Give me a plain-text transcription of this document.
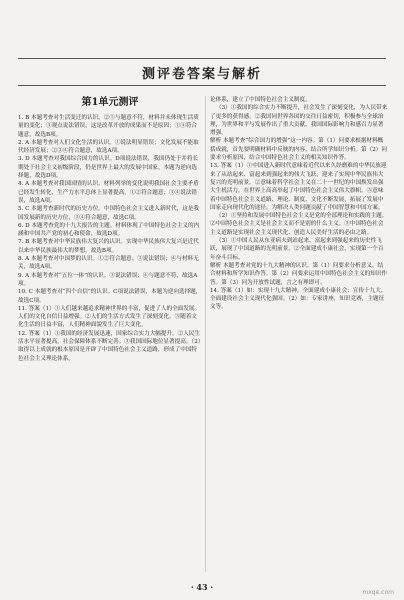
测评卷答案与解析
第1单元测评

1. B 本题考查对生活变迁的认识。②⑤与题意不符，材料并未体现生活质量的变化；③观点说法错误，这是改革开放的成果而不是原因；①④符合题意，故选B项。

2. A 本题考查对人们文化生活的认识。①说法明显错误；文化发展不能取代经济发展；②③④符合题意，故选A项。

3. D 本题考查对我国综合国力的认识。D项说法错误，我国仍处于并将长期处于社会主义初级阶段，仍是世界上最大的发展中国家。本题为逆向选择题，故选D项。

4. A 本题考查对我国国情的认识。材料列举的变化说明我国社会主要矛盾已经发生转化，生产力水平总体上显著提高，①②符合题意；③④说法错误，故选A项。

5. C 本题考查新时代的历史方位。中国特色社会主义进入新时代，这是我国发展新的历史方位，③④符合题意，故选C项。

6. D 本题考查党的十九大报告的主题。材料体现了中国特色社会主义的内涵和中国共产党的初心和使命，故选D项。

7. B 本题考查对中华民族伟大复兴的认识。实现中华民族伟大复兴是近代以来中华民族最伟大的梦想，故选B项。

8. A 本题考查对中国梦的认识。①②符合题意；③说法错误；④与材料无关，故选A项。

9. A 本题考查对“五位一体”的认识。③说法错误；④与题意不符，故选A项。

10. C 本题考查对“四个自信”的认识。C项说法错误，本题为逆向选择题，故选C项。

11. 答案（1）①人们越来越追求精神世界的丰富，促进了人的全面发展。人们的文化自信日益增强。②人们的生活方式发生了深刻变化。③随着文化生活的日益丰富，人们精神面貌发生了巨大变化。

12. 答案（1）①我国的经济发展迅速，国家综合实力大幅提升。②人民生活水平显著提高，社会保障体系不断完善。③我国国际地位显著提高。（2）取得以上成就的根本原因是开辟了中国特色社会主义道路，形成了中国特色社会主义理论体系。

论体系，建立了中国特色社会主义制度。

（3）①我国的综合实力不断提升，社会发生了深刻变化，为人民带来了更多的获得感。②我国同世界各国的交往日益密切，积极参与全球治理，为世界和平与发展作出了重大贡献，我国国际影响力和感召力显著增强。

解析 本题考查“综合国力的增强”这一内容。第（1）问要求根据材料概括成就，首先要明确材料中反映的内容，结合所学知识分析。第（2）问要求分析原因，结合中国特色社会主义的相关知识作答。

13. 答案（1）①中国进入新时代意味着近代以来久经磨难的中华民族迎来了从站起来、富起来到强起来的伟大飞跃，迎来了实现中华民族伟大复兴的光明前景。②意味着科学社会主义在二十一世纪的中国焕发出强大生机活力，在世界上高高举起了中国特色社会主义伟大旗帜。③意味着中国特色社会主义道路、理论、制度、文化不断发展，拓展了发展中国家走向现代化的途径，为解决人类问题贡献了中国智慧和中国方案。

（2）①坚持和发展中国特色社会主义是党的全部理论和实践的主题。②中国特色社会主义是社会主义而不是别的什么主义。③中国特色社会主义道路是实现社会主义现代化、创造人民美好生活的必由之路。

（3）①中国人民从东亚病夫到站起来、富起来到强起来的历史性飞跃，展现了中国道路的光明前景。②全面建成小康社会，实现第一个百年奋斗目标。

解析 本题考查对党的十九大精神的认识。第（1）问要求分析意义，结合材料和所学知识作答。第（2）问要求运用中国特色社会主义的知识作答。第（3）问为开放性试题，言之有理即可。

14. 答案（1）如：实现十九大精神，全面建成小康社会；宣传十九大，全面建设社会主义现代化强国。（2）如：专家讲座，知识竞赛，主题征文等。

· 43 ·
mxqe.com
